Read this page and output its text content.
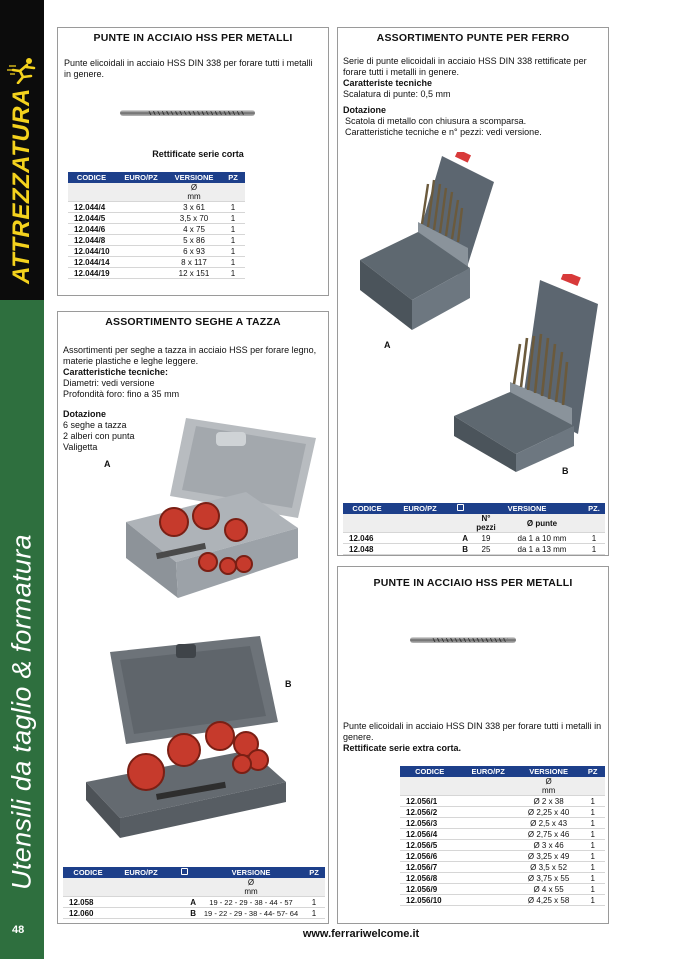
ATTREZZATURA
Utensili da taglio & formatura
48
PUNTE IN ACCIAIO HSS PER METALLI
Punte elicoidali in acciaio HSS DIN 338 per forare tutti i metalli in genere.
Rettificate serie corta
CODICE	EURO/PZ	VERSIONE	PZ

		Ø
mm	

12.044/4		3 x 61	1
12.044/5		3,5 x 70	1
12.044/6		4 x 75	1
12.044/8		5 x 86	1
12.044/10		6 x 93	1
12.044/14		8 x 117	1
12.044/19		12 x 151	1
ASSORTIMENTO PUNTE PER FERRO
Serie di punte elicoidali in acciaio HSS DIN 338 rettificate per forare tutti i metalli in genere.
Caratteriste tecniche
Scalatura di punte: 0,5 mm
Dotazione
Scatola di metallo con chiusura a scomparsa.
Caratteristiche tecniche e n° pezzi: vedi versione.
A
B
CODICE	EURO/PZ		VERSIONE		PZ.
			N° pezzi	Ø punte	
12.046		A	19	da 1 a 10 mm	1
12.048		B	25	da 1 a 13 mm	1
ASSORTIMENTO SEGHE A TAZZA
Assortimenti per seghe a tazza in acciaio HSS per forare legno, materie plastiche e leghe leggere.
Caratteristiche tecniche:
Diametri: vedi versione
Profondità foro: fino a 35 mm
Dotazione
6 seghe a tazza
2 alberi con punta
Valigetta
A
B
CODICE	EURO/PZ		VERSIONE	PZ

			Ø
mm	

12.058		A	19 - 22 - 29 - 38 - 44 - 57	1
12.060		B	19 - 22 - 29 - 38 - 44- 57- 64	1
PUNTE IN ACCIAIO HSS PER METALLI
Punte elicoidali in acciaio HSS DIN 338 per forare tutti i metalli in genere.
Rettificate serie extra corta.
CODICE	EURO/PZ	VERSIONE	PZ

		Ø
mm	

12.056/1		Ø 2 x 38	1
12.056/2		Ø 2,25 x 40	1
12.056/3		Ø 2,5 x 43	1
12.056/4		Ø 2,75 x 46	1
12.056/5		Ø 3 x 46	1
12.056/6		Ø 3,25 x 49	1
12.056/7		Ø 3,5 x 52	1
12.056/8		Ø 3,75 x 55	1
12.056/9		Ø 4 x 55	1
12.056/10		Ø 4,25 x 58	1
www.ferrariwelcome.it
